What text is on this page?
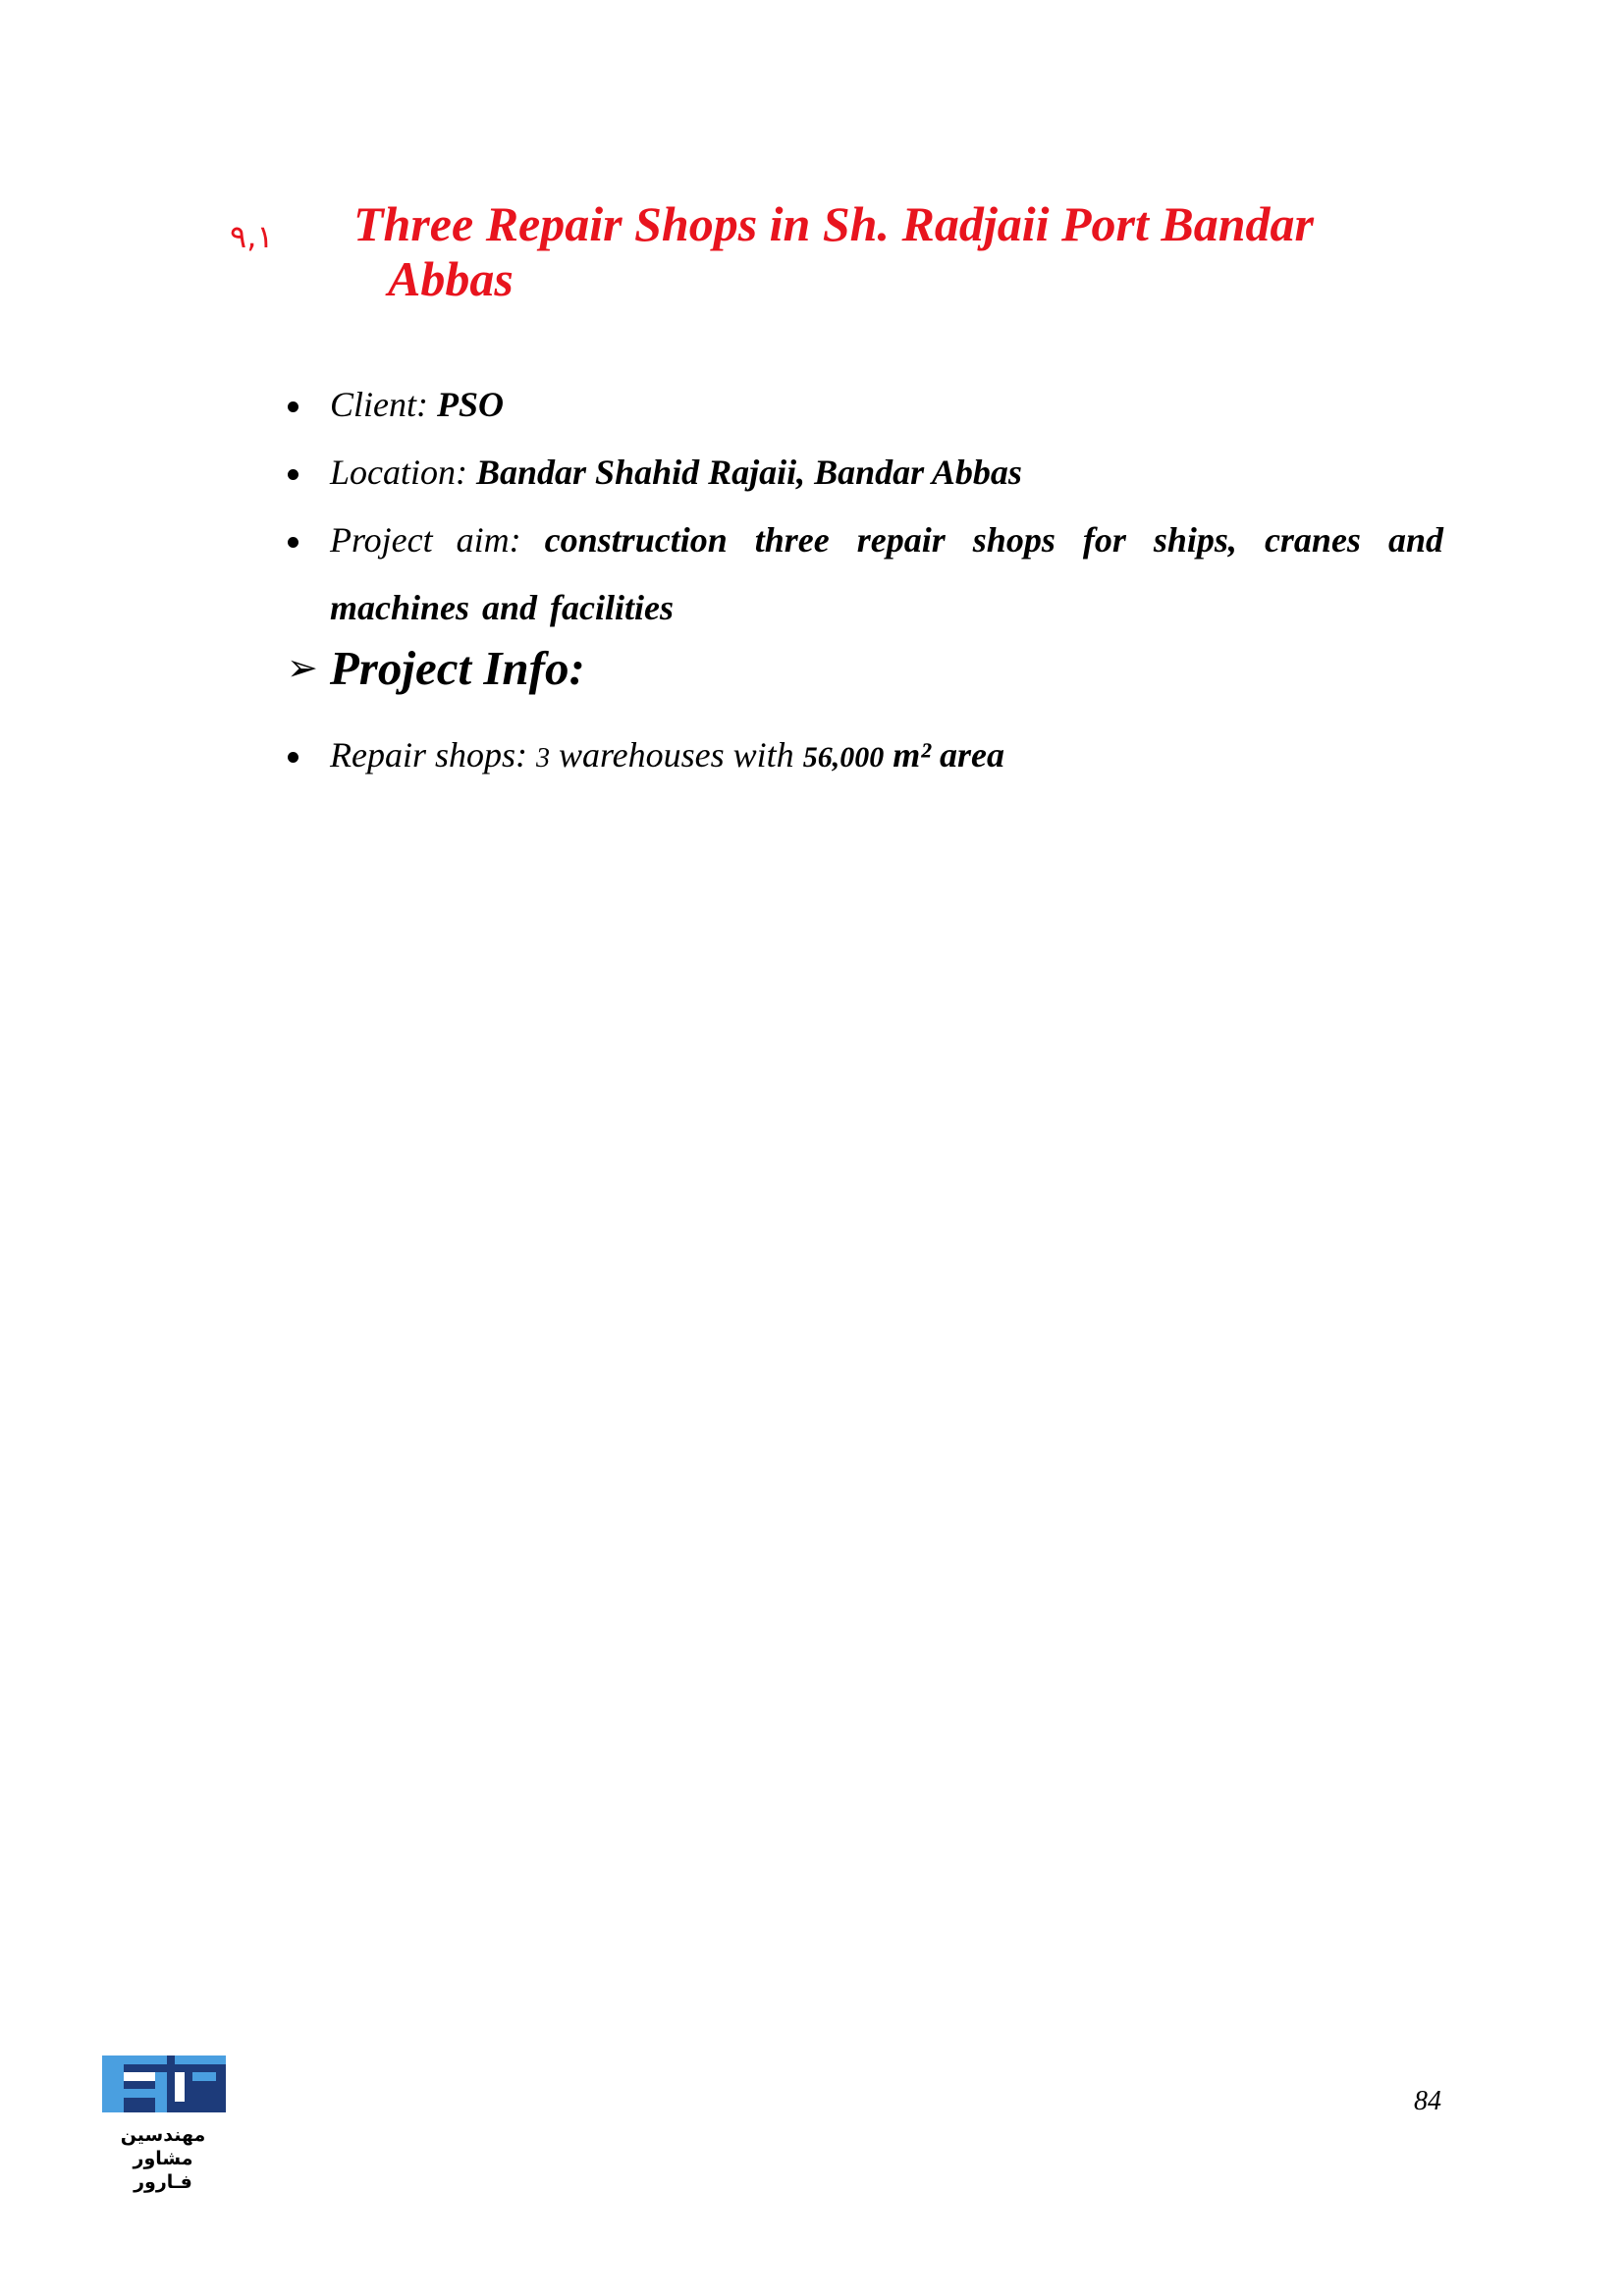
۹,۱ Three Repair Shops in Sh. Radjaii Port Bandar
Abbas
Client: PSO
Location: Bandar Shahid Rajaii, Bandar Abbas
Project aim: construction three repair shops for ships, cranes and machines and facilities
➢ Project Info:
Repair shops: 3 warehouses with 56,000 m² area
مهندسین مشاور
فـارور
84
